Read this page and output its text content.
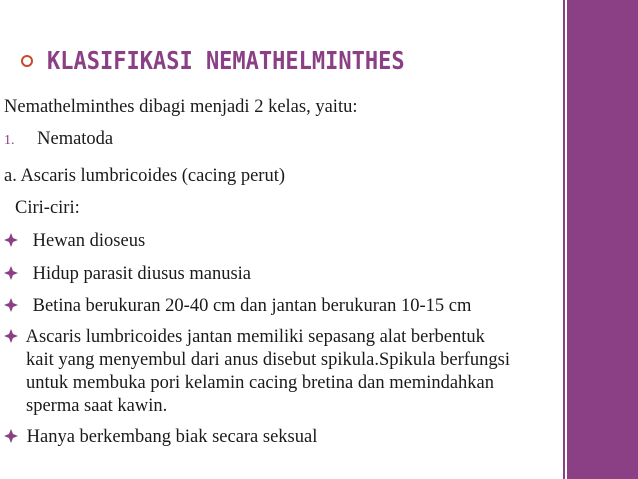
KLASIFIKASI NEMATHELMINTHES
Nemathelminthes dibagi menjadi 2 kelas, yaitu:
1. Nematoda
a. Ascaris lumbricoides (cacing perut)
Ciri-ciri:
Hewan dioseus
Hidup parasit diusus manusia
Betina berukuran 20-40 cm dan jantan berukuran 10-15 cm
Ascaris lumbricoides jantan memiliki sepasang alat berbentuk
kait yang menyembul dari anus disebut spikula.Spikula berfungsi
untuk membuka pori kelamin cacing bretina dan memindahkan
sperma saat kawin.
Hanya berkembang biak secara seksual
